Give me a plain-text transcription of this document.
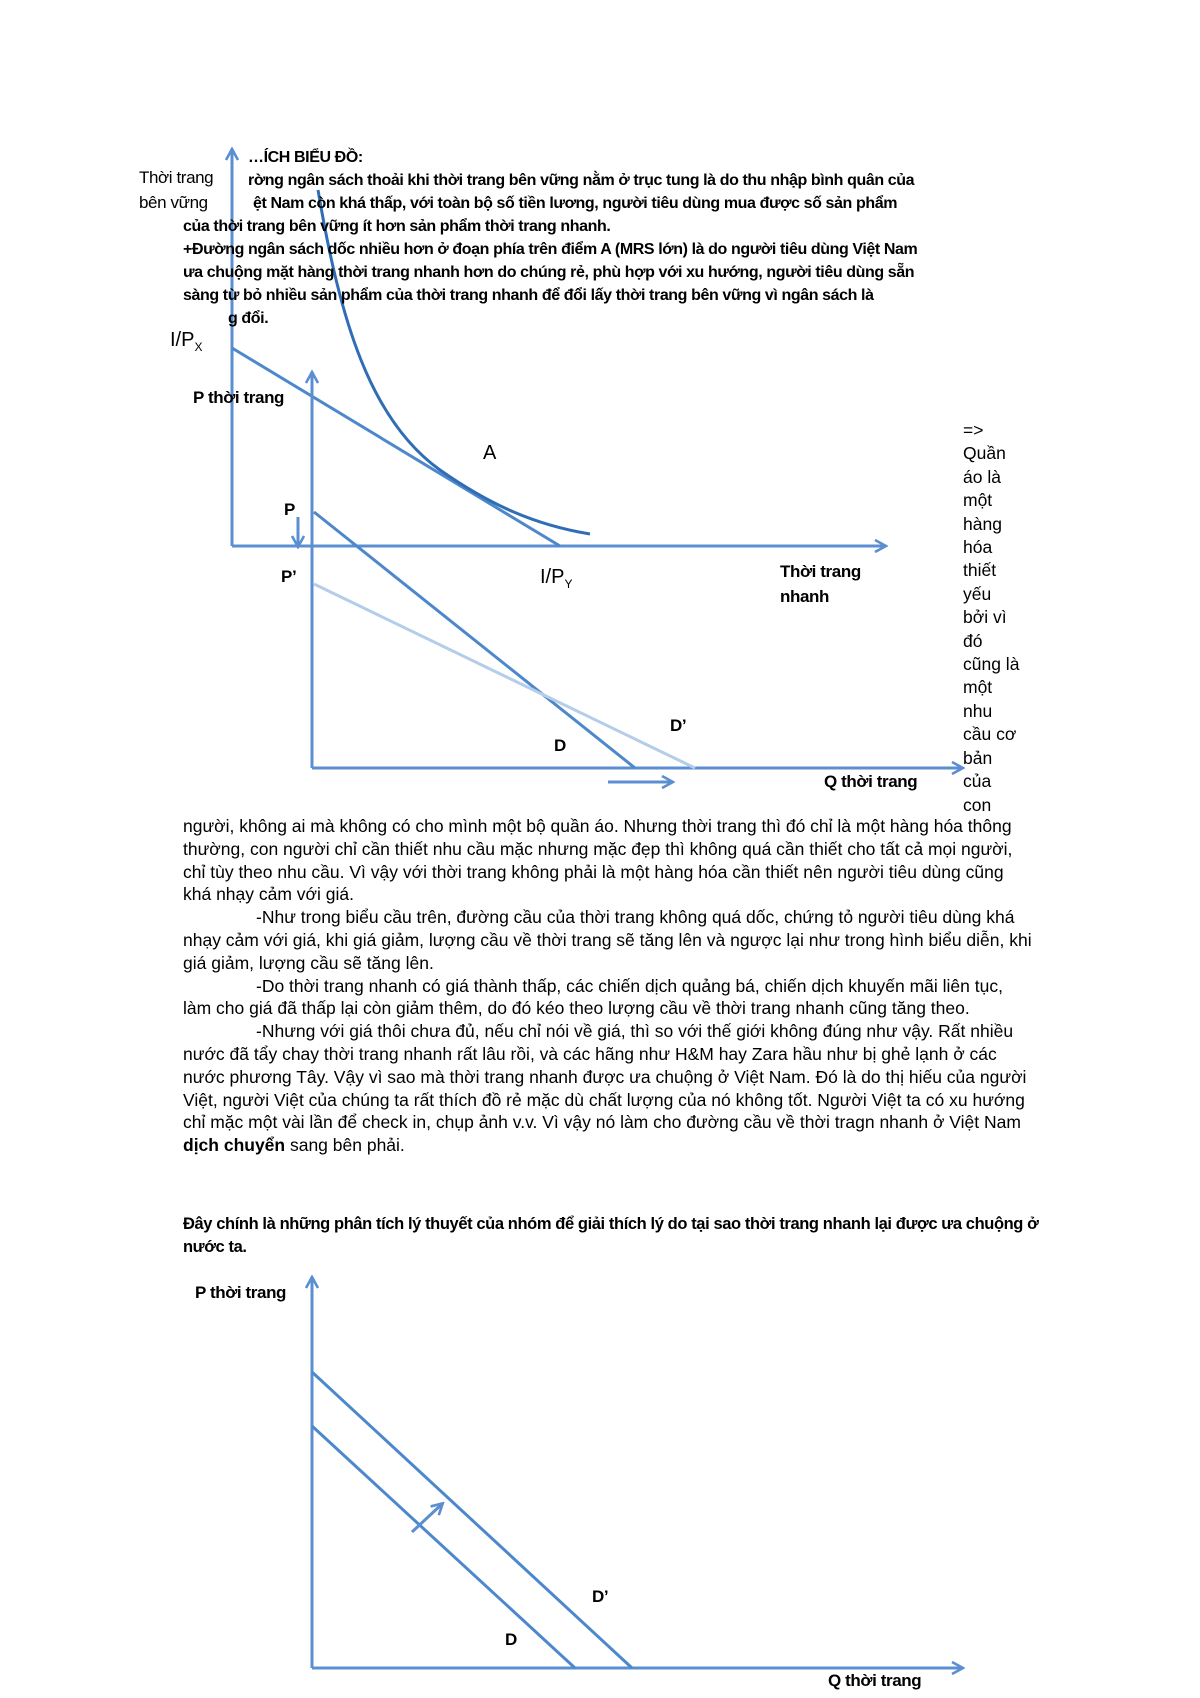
Thời trang
bên vững
$I/P_X$
A
$I/P_Y$
Thời trang
nhanh
P thời trang
P
P’
D’
D
Q thời trang
…ÍCH BIỂU ĐỒ:
rờng ngân sách thoải khi thời trang bên vững nằm ở trục tung là do thu nhập bình quân của
ệt Nam còn khá thấp, với toàn bộ số tiền lương, người tiêu dùng mua được số sản phẩm
của thời trang bên vững ít hơn sản phẩm thời trang nhanh.
+Đường ngân sách dốc nhiều hơn ở đoạn phía trên điểm A (MRS lớn) là do người tiêu dùng Việt Nam
ưa chuộng mặt hàng thời trang nhanh hơn do chúng rẻ, phù hợp với xu hướng, người tiêu dùng sẵn
sàng từ bỏ nhiều sản phẩm của thời trang nhanh để đổi lấy thời trang bên vững vì ngân sách là
g đổi.
=>
Quần
áo là
một
hàng
hóa
thiết
yếu
bởi vì
đó
cũng là
một
nhu
cầu cơ
bản
của
con

người, không ai mà không có cho mình một bộ quần áo. Nhưng thời trang thì đó chỉ là một hàng hóa thông thường, con người chỉ cần thiết nhu cầu mặc nhưng mặc đẹp thì không quá cần thiết cho tất cả mọi người, chỉ tùy theo nhu cầu. Vì vậy với thời trang không phải là một hàng hóa cần thiết nên người tiêu dùng cũng khá nhạy cảm với giá.

-Như trong biểu cầu trên, đường cầu của thời trang không quá dốc, chứng tỏ người tiêu dùng khá nhạy cảm với giá, khi giá giảm, lượng cầu về thời trang sẽ tăng lên và ngược lại như trong hình biểu diễn, khi giá giảm, lượng cầu sẽ tăng lên.

-Do thời trang nhanh có giá thành thấp, các chiến dịch quảng bá, chiến dịch khuyến mãi liên tục, làm cho giá đã thấp lại còn giảm thêm, do đó kéo theo lượng cầu về thời trang nhanh cũng tăng theo.

-Nhưng với giá thôi chưa đủ, nếu chỉ nói về giá, thì so với thế giới không đúng như vậy. Rất nhiều nước đã tẩy chay thời trang nhanh rất lâu rồi, và các hãng như H&M hay Zara hầu như bị ghẻ lạnh ở các nước phương Tây. Vậy vì sao mà thời trang nhanh được ưa chuộng ở Việt Nam. Đó là do thị hiếu của người Việt, người Việt của chúng ta rất thích đồ rẻ mặc dù chất lượng của nó không tốt. Người Việt ta có xu hướng chỉ mặc một vài lần để check in, chụp ảnh v.v. Vì vậy nó làm cho đường cầu về thời tragn nhanh ở Việt Nam dịch chuyển sang bên phải.

Đây chính là những phân tích lý thuyết của nhóm để giải thích lý do tại sao thời trang nhanh lại được ưa chuộng ở nước ta.
P thời trang
D’
D
Q thời trang
